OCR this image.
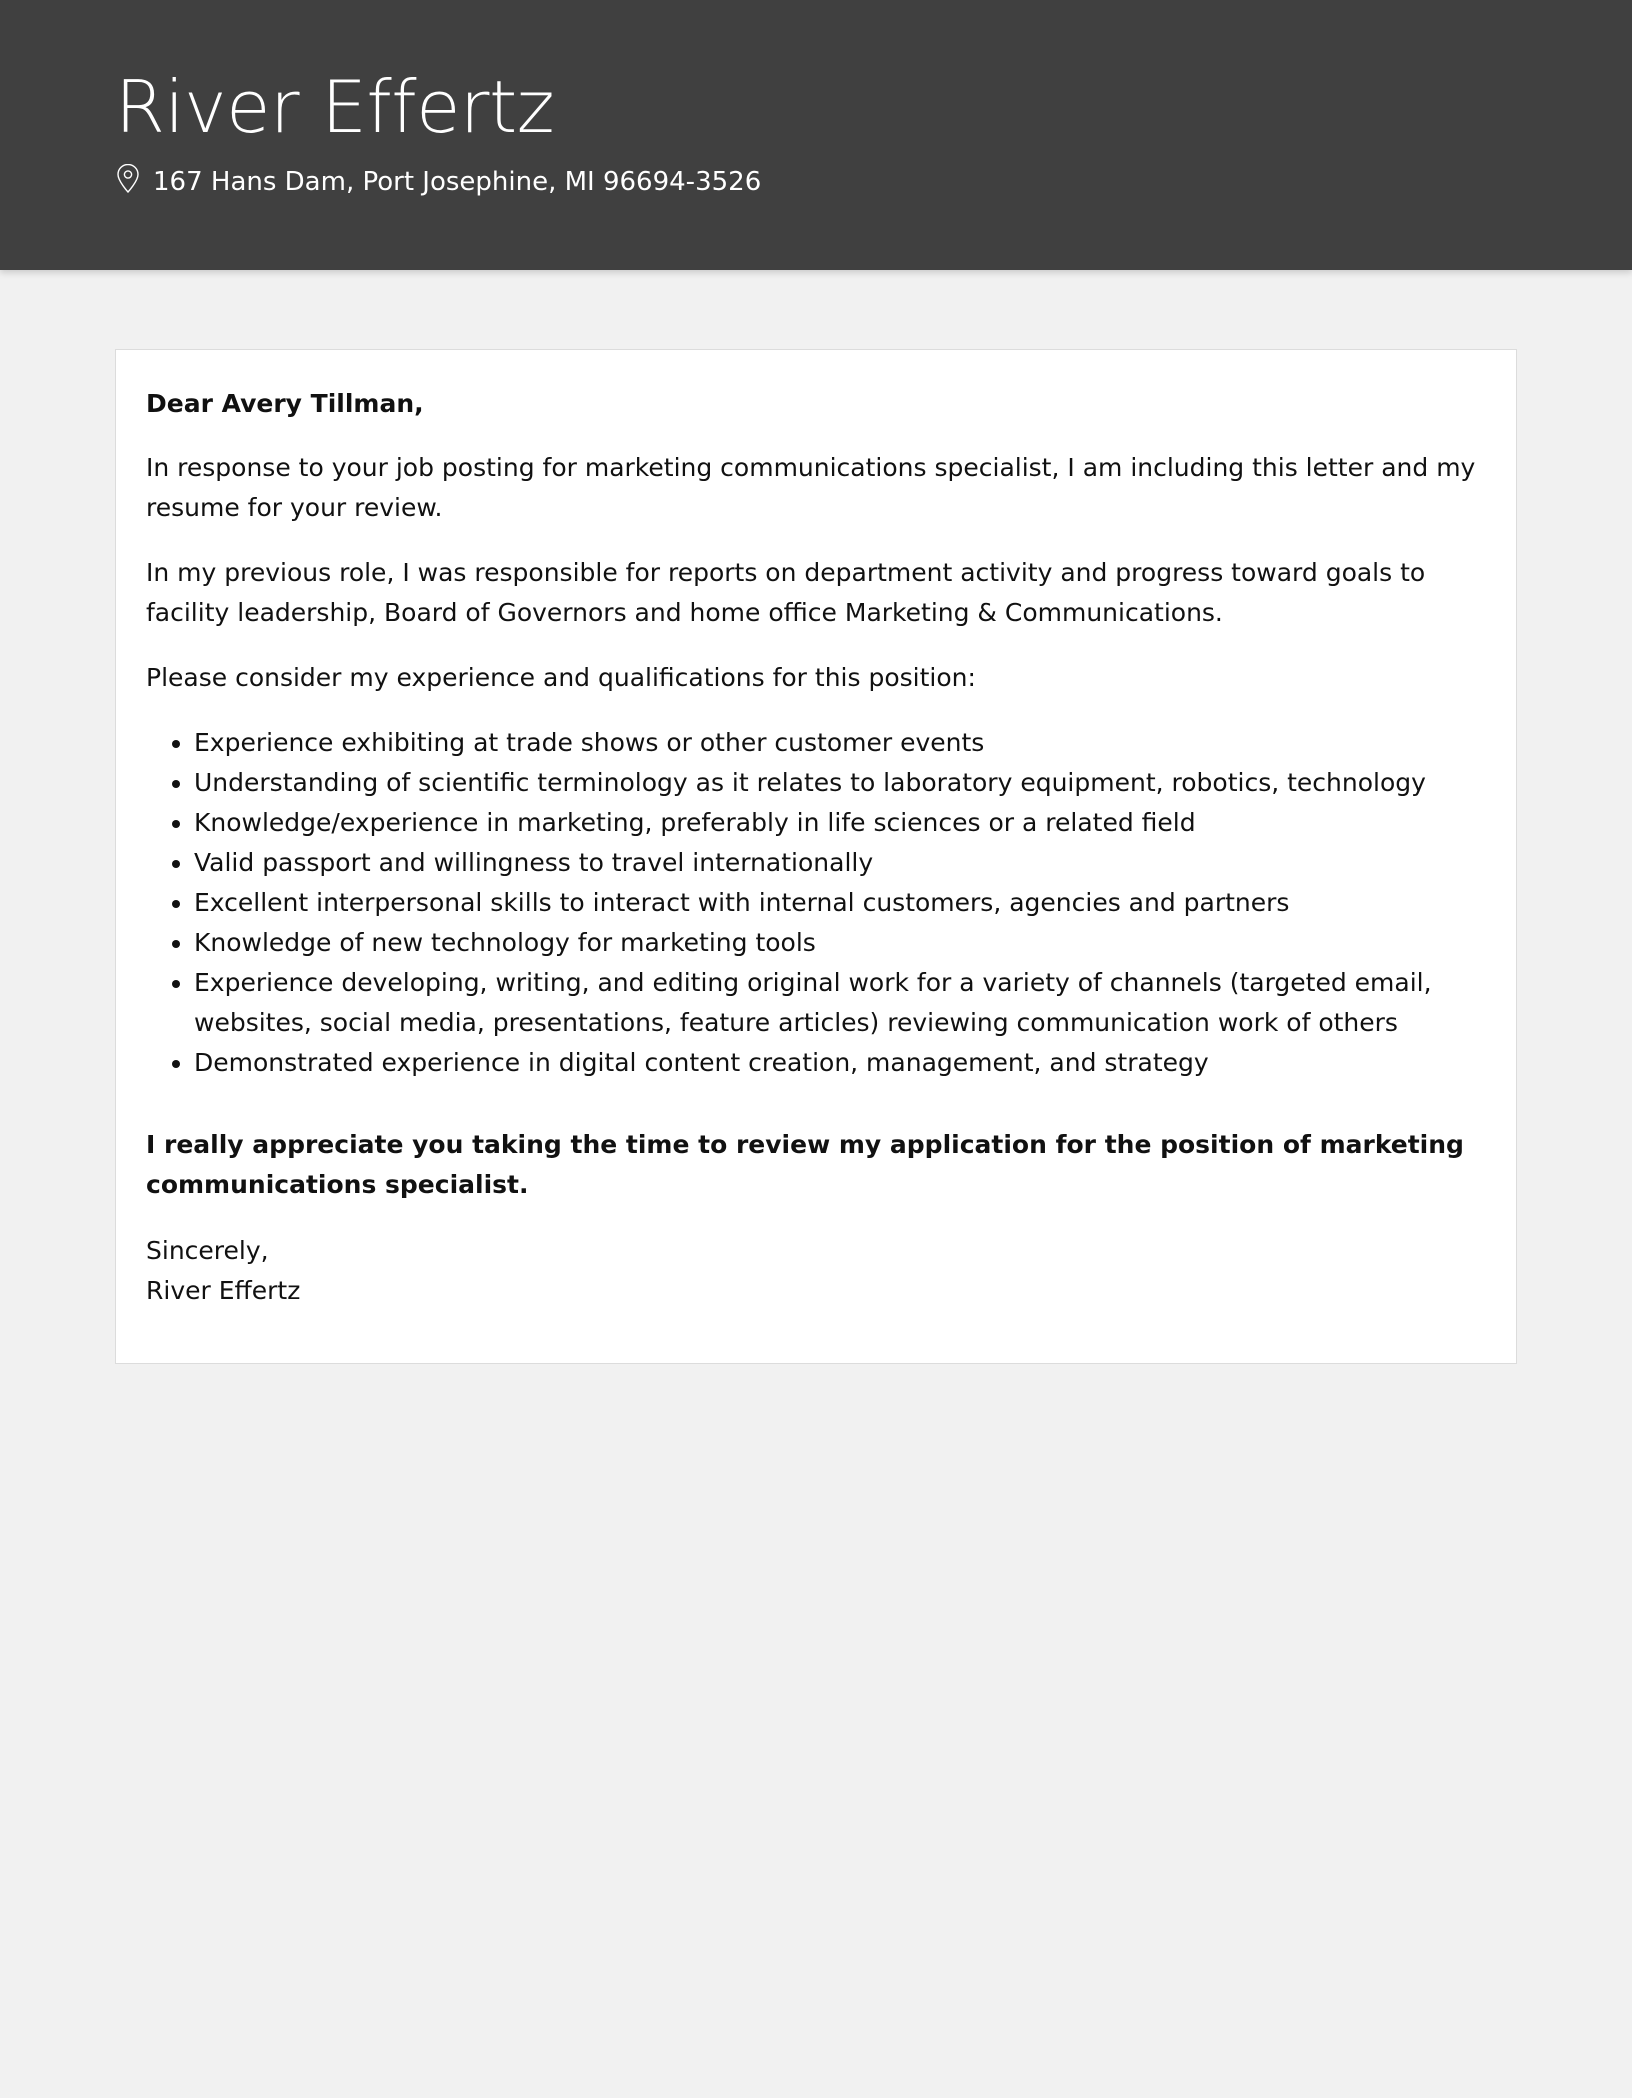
River Effertz
167 Hans Dam, Port Josephine, MI 96694-3526

Dear Avery Tillman,

In response to your job posting for marketing communications specialist, I am including this letter and my resume for your review.

In my previous role, I was responsible for reports on department activity and progress toward goals to facility leadership, Board of Governors and home office Marketing & Communications.

Please consider my experience and qualifications for this position:

• Experience exhibiting at trade shows or other customer events
• Understanding of scientific terminology as it relates to laboratory equipment, robotics, technology
• Knowledge/experience in marketing, preferably in life sciences or a related field
• Valid passport and willingness to travel internationally
• Excellent interpersonal skills to interact with internal customers, agencies and partners
• Knowledge of new technology for marketing tools
• Experience developing, writing, and editing original work for a variety of channels (targeted email, websites, social media, presentations, feature articles) reviewing communication work of others
• Demonstrated experience in digital content creation, management, and strategy

I really appreciate you taking the time to review my application for the position of marketing communications specialist.

Sincerely,
River Effertz
